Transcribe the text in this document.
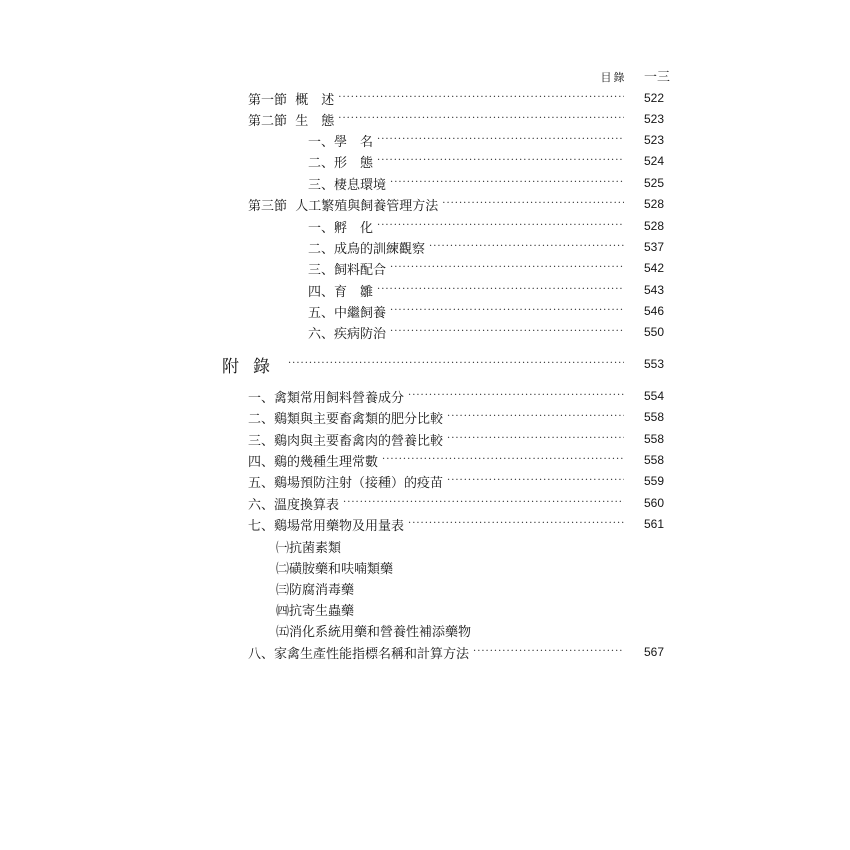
目錄 一三
第一節  概　述 ·····	522
第二節  生　態 ·····	523
一、學　名 ·····	523
二、形　態 ·····	524
三、棲息環境 ·····	525
第三節  人工繁殖與飼養管理方法 ·····	528
一、孵　化 ·····	528
二、成鳥的訓練觀察 ·····	537
三、飼料配合 ·····	542
四、育　雛 ·····	543
五、中繼飼養 ·····	546
六、疾病防治 ·····	550
附錄 ·····	553
一、禽類常用飼料營養成分 ·····	554
二、鷄類與主要畜禽類的肥分比較 ·····	558
三、鷄肉與主要畜禽肉的營養比較 ·····	558
四、鷄的幾種生理常數 ·····	558
五、鷄場預防注射（接種）的疫苗 ·····	559
六、溫度換算表 ·····	560
七、鷄場常用藥物及用量表 ·····	561
㈠抗菌素類
㈡磺胺藥和呋喃類藥
㈢防腐消毒藥
㈣抗寄生蟲藥
㈤消化系統用藥和營養性補添藥物
八、家禽生產性能指標名稱和計算方法 ·····	567
